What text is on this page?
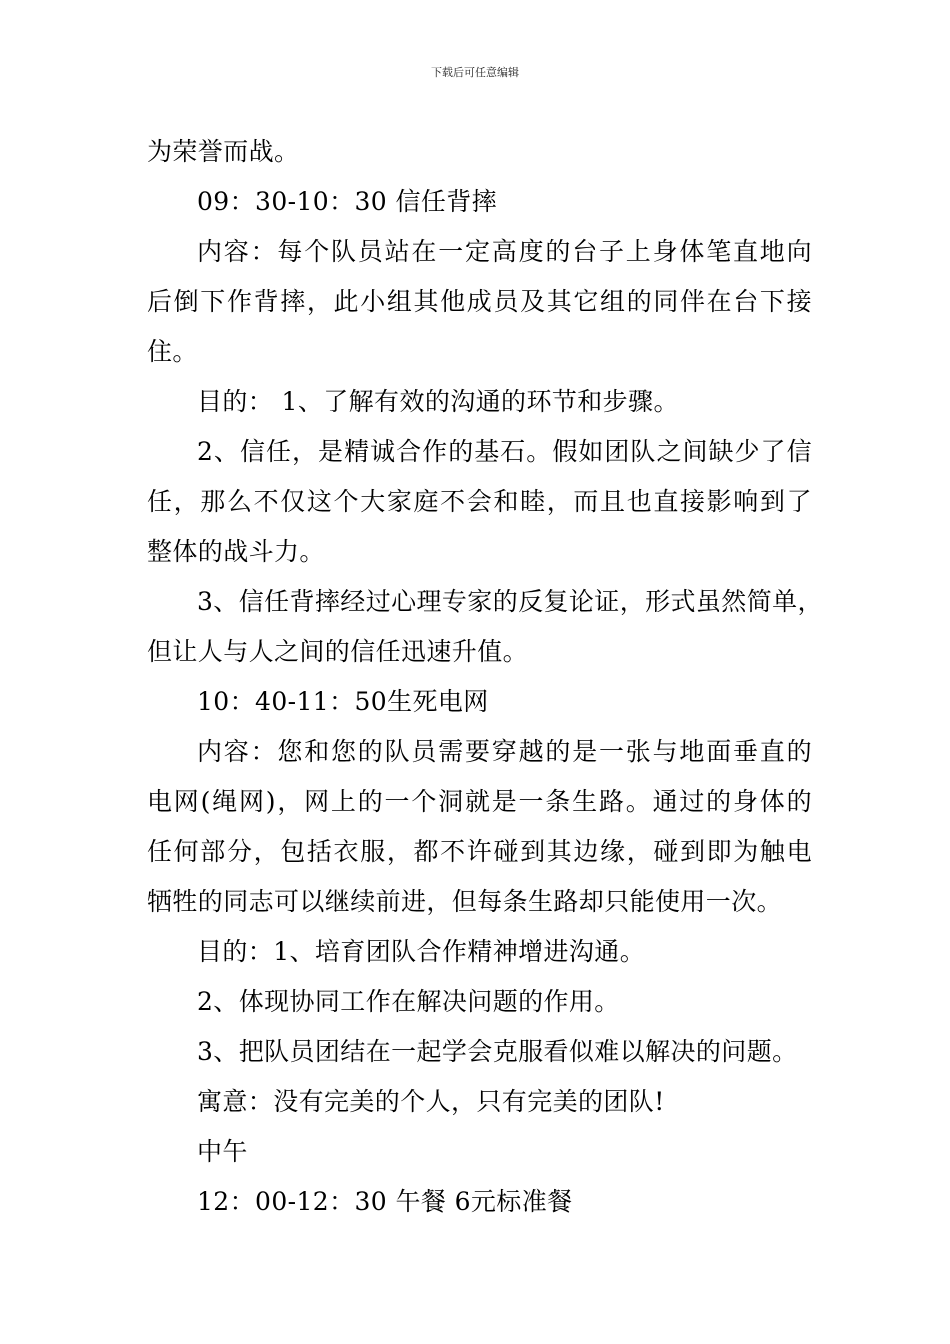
下载后可任意编辑
为荣誉而战。
09：30-10：30 信任背摔
内容：每个队员站在一定高度的台子上身体笔直地向
后倒下作背摔，此小组其他成员及其它组的同伴在台下接
住。
目的： 1、了解有效的沟通的环节和步骤。
2、信任，是精诚合作的基石。假如团队之间缺少了信
任，那么不仅这个大家庭不会和睦，而且也直接影响到了
整体的战斗力。
3、信任背摔经过心理专家的反复论证，形式虽然简单，
但让人与人之间的信任迅速升值。
10：40-11：50生死电网
内容：您和您的队员需要穿越的是一张与地面垂直的
电网(绳网)，网上的一个洞就是一条生路。通过的身体的
任何部分，包括衣服，都不许碰到其边缘，碰到即为触电
牺牲的同志可以继续前进，但每条生路却只能使用一次。
目的：1、培育团队合作精神增进沟通。
2、体现协同工作在解决问题的作用。
3、把队员团结在一起学会克服看似难以解决的问题。
寓意：没有完美的个人，只有完美的团队!
中午
12：00-12：30 午餐 6元标准餐
